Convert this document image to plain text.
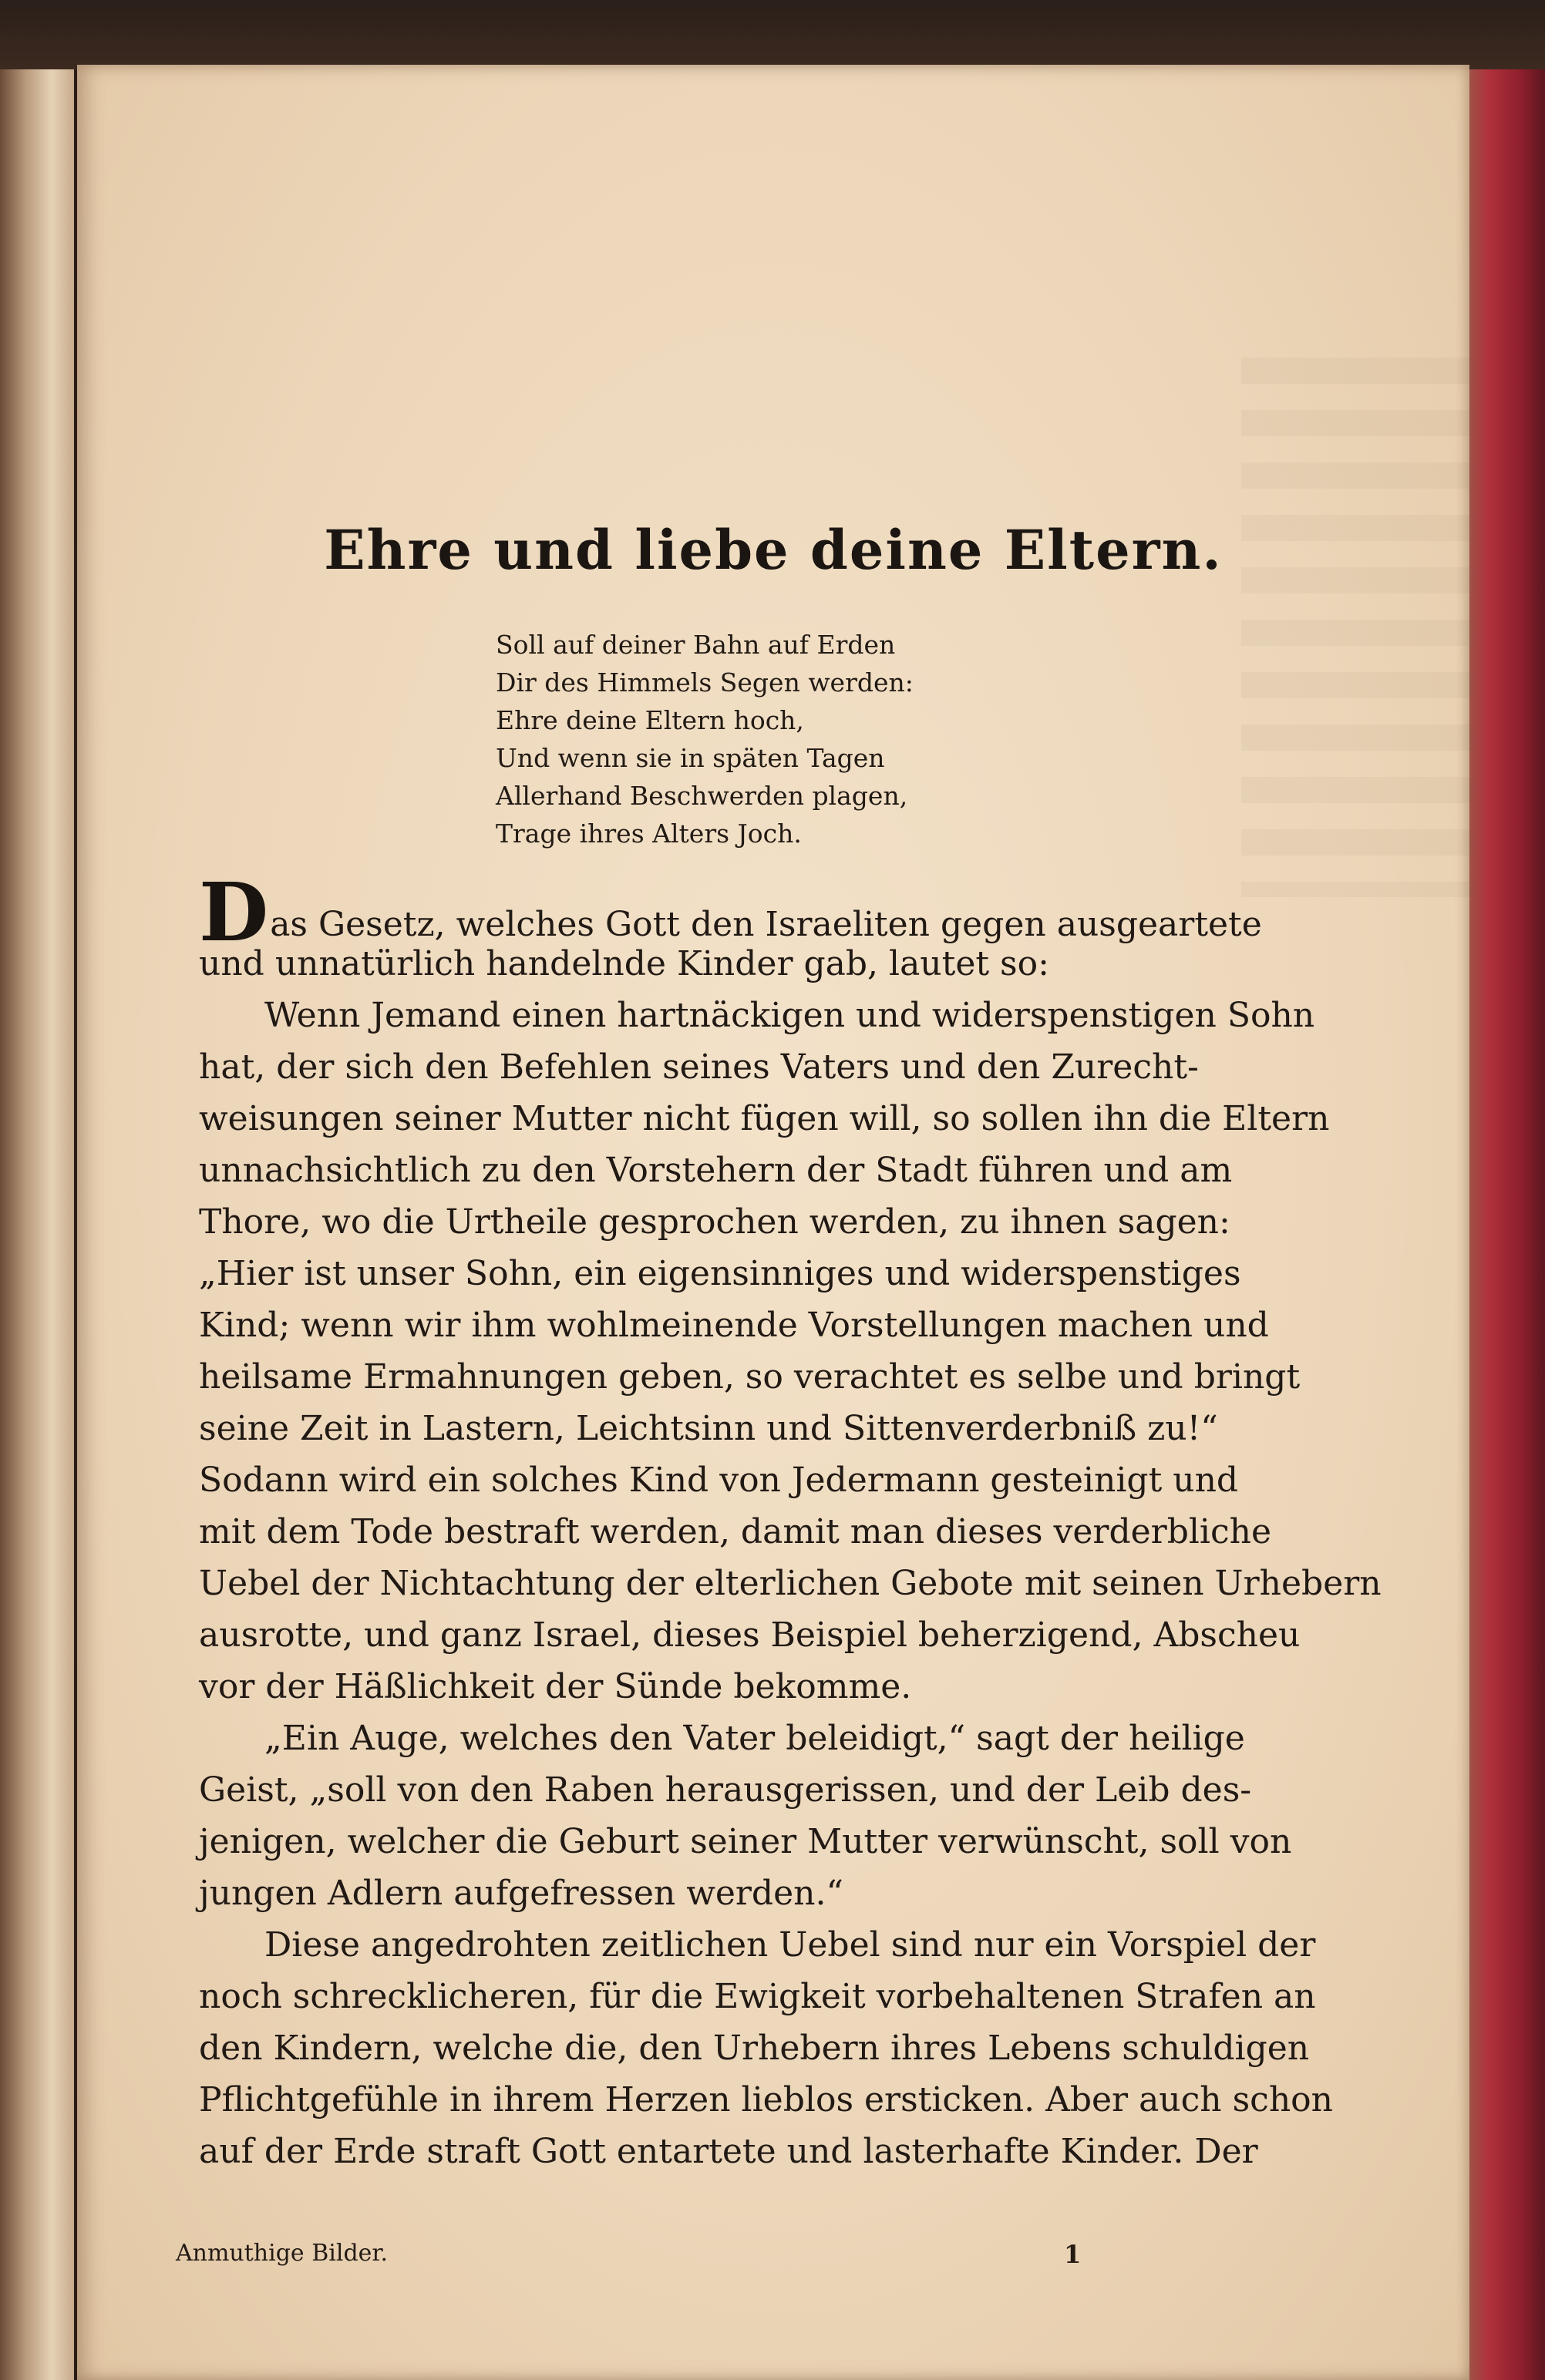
Ehre und liebe deine Eltern.
Soll auf deiner Bahn auf Erden
Dir des Himmels Segen werden:
Ehre deine Eltern hoch,
Und wenn sie in späten Tagen
Allerhand Beschwerden plagen,
Trage ihres Alters Joch.
Das Gesetz, welches Gott den Israeliten gegen ausgeartete
und unnatürlich handelnde Kinder gab, lautet so:
Wenn Jemand einen hartnäckigen und widerspenstigen Sohn
hat, der sich den Befehlen seines Vaters und den Zurecht-
weisungen seiner Mutter nicht fügen will, so sollen ihn die Eltern
unnachsichtlich zu den Vorstehern der Stadt führen und am
Thore, wo die Urtheile gesprochen werden, zu ihnen sagen:
„Hier ist unser Sohn, ein eigensinniges und widerspenstiges
Kind; wenn wir ihm wohlmeinende Vorstellungen machen und
heilsame Ermahnungen geben, so verachtet es selbe und bringt
seine Zeit in Lastern, Leichtsinn und Sittenverderbniß zu!“
Sodann wird ein solches Kind von Jedermann gesteinigt und
mit dem Tode bestraft werden, damit man dieses verderbliche
Uebel der Nichtachtung der elterlichen Gebote mit seinen Urhebern
ausrotte, und ganz Israel, dieses Beispiel beherzigend, Abscheu
vor der Häßlichkeit der Sünde bekomme.
„Ein Auge, welches den Vater beleidigt,“ sagt der heilige
Geist, „soll von den Raben herausgerissen, und der Leib des-
jenigen, welcher die Geburt seiner Mutter verwünscht, soll von
jungen Adlern aufgefressen werden.“
Diese angedrohten zeitlichen Uebel sind nur ein Vorspiel der
noch schrecklicheren, für die Ewigkeit vorbehaltenen Strafen an
den Kindern, welche die, den Urhebern ihres Lebens schuldigen
Pflichtgefühle in ihrem Herzen lieblos ersticken. Aber auch schon
auf der Erde straft Gott entartete und lasterhafte Kinder. Der
Anmuthige Bilder.	1
